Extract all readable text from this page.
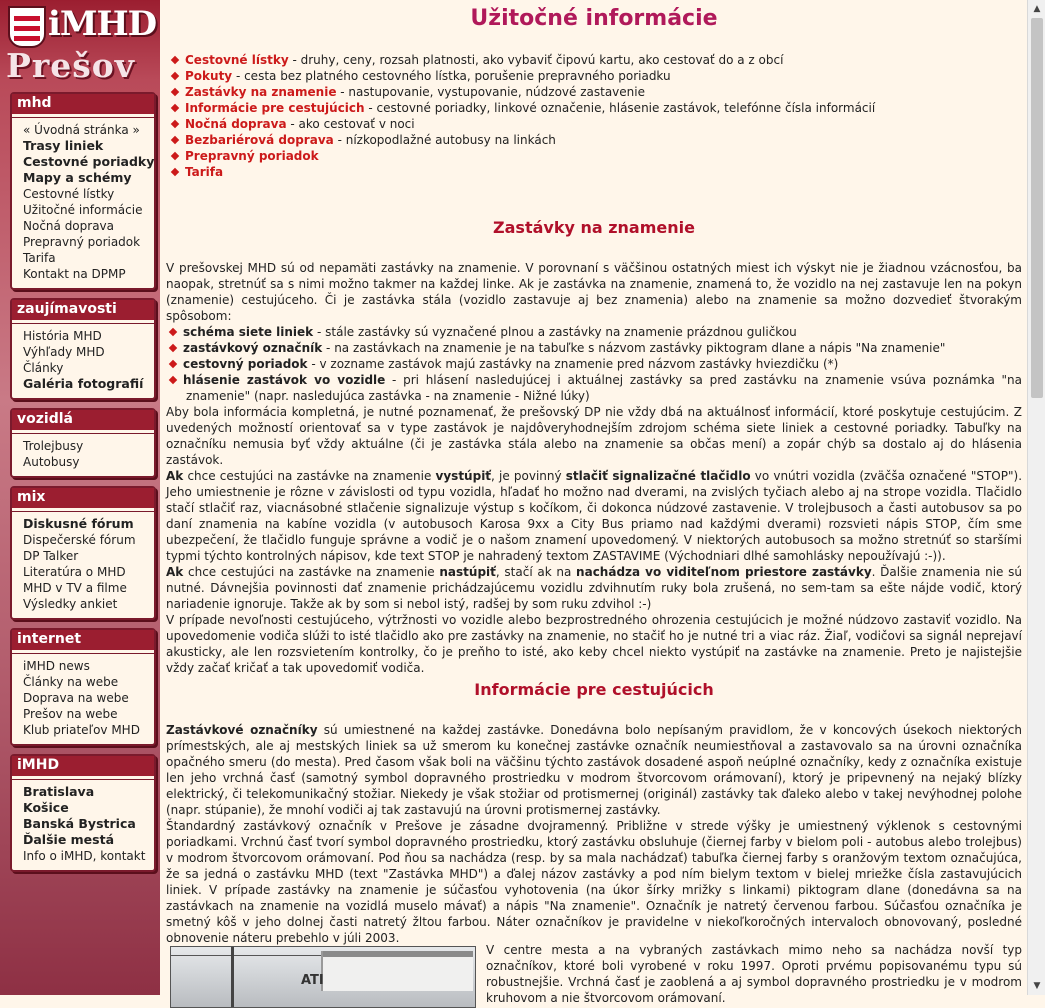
iMHD
Prešov
mhd
« Úvodná stránka »
Trasy liniek
Cestovné poriadky
Mapy a schémy
Cestovné lístky
Užitočné informácie
Nočná doprava
Prepravný poriadok
Tarifa
Kontakt na DPMP
zaujímavosti
História MHD
Výhľady MHD
Články
Galéria fotografií
vozidlá
Trolejbusy
Autobusy
mix
Diskusné fórum
Dispečerské fórum
DP Talker
Literatúra o MHD
MHD v TV a filme
Výsledky ankiet
internet
iMHD news
Články na webe
Doprava na webe
Prešov na webe
Klub priateľov MHD
iMHD
Bratislava
Košice
Banská Bystrica
Ďalšie mestá
Info o iMHD, kontakt
Užitočné informácie
Cestovné lístky - druhy, ceny, rozsah platnosti, ako vybaviť čipovú kartu, ako cestovať do a z obcí
Pokuty - cesta bez platného cestovného lístka, porušenie prepravného poriadku
Zastávky na znamenie - nastupovanie, vystupovanie, núdzové zastavenie
Informácie pre cestujúcich - cestovné poriadky, linkové označenie, hlásenie zastávok, telefónne čísla informácií
Nočná doprava - ako cestovať v noci
Bezbariérová doprava - nízkopodlažné autobusy na linkách
Prepravný poriadok
Tarifa
Zastávky na znamenie

V prešovskej MHD sú od nepamäti zastávky na znamenie. V porovnaní s väčšinou ostatných miest ich výskyt nie je žiadnou vzácnosťou, ba naopak, stretnúť sa s nimi možno takmer na každej linke. Ak je zastávka na znamenie, znamená to, že vozidlo na nej zastavuje len na pokyn (znamenie) cestujúceho. Či je zastávka stála (vozidlo zastavuje aj bez znamenia) alebo na znamenie sa možno dozvedieť štvorakým spôsobom:

schéma siete liniek - stále zastávky sú vyznačené plnou a zastávky na znamenie prázdnou guličkou
zastávkový označník - na zastávkach na znamenie je na tabuľke s názvom zastávky piktogram dlane a nápis "Na znamenie"
cestovný poriadok - v zozname zastávok majú zastávky na znamenie pred názvom zastávky hviezdičku (*)
hlásenie zastávok vo vozidle - pri hlásení nasledujúcej i aktuálnej zastávky sa pred zastávku na znamenie vsúva poznámka "na znamenie" (napr. nasledujúca zastávka - na znamenie - Nižné lúky)

Aby bola informácia kompletná, je nutné poznamenať, že prešovský DP nie vždy dbá na aktuálnosť informácií, ktoré poskytuje cestujúcim. Z uvedených možností orientovať sa v type zastávok je najdôveryhodnejším zdrojom schéma siete liniek a cestovné poriadky. Tabuľky na označníku nemusia byť vždy aktuálne (či je zastávka stála alebo na znamenie sa občas mení) a zopár chýb sa dostalo aj do hlásenia zastávok.

Ak chce cestujúci na zastávke na znamenie vystúpiť, je povinný stlačiť signalizačné tlačidlo vo vnútri vozidla (zväčša označené "STOP"). Jeho umiestnenie je rôzne v závislosti od typu vozidla, hľadať ho možno nad dverami, na zvislých tyčiach alebo aj na strope vozidla. Tlačidlo stačí stlačiť raz, viacnásobné stlačenie signalizuje výstup s kočíkom, či dokonca núdzové zastavenie. V trolejbusoch a časti autobusov sa po daní znamenia na kabíne vozidla (v autobusoch Karosa 9xx a City Bus priamo nad každými dverami) rozsvieti nápis STOP, čím sme ubezpečení, že tlačidlo funguje správne a vodič je o našom znamení upovedomený. V niektorých autobusoch sa možno stretnúť so staršími typmi týchto kontrolných nápisov, kde text STOP je nahradený textom ZASTAVIME (Východniari dlhé samohlásky nepoužívajú :-)).

Ak chce cestujúci na zastávke na znamenie nastúpiť, stačí ak na nachádza vo viditeľnom priestore zastávky. Ďalšie znamenia nie sú nutné. Dávnejšia povinnosti dať znamenie prichádzajúcemu vozidlu zdvihnutím ruky bola zrušená, no sem-tam sa ešte nájde vodič, ktorý nariadenie ignoruje. Takže ak by som si nebol istý, radšej by som ruku zdvihol :-)

V prípade nevoľnosti cestujúceho, výtržnosti vo vozidle alebo bezprostredného ohrozenia cestujúcich je možné núdzovo zastaviť vozidlo. Na upovedomenie vodiča slúži to isté tlačidlo ako pre zastávky na znamenie, no stačiť ho je nutné tri a viac ráz. Žiaľ, vodičovi sa signál neprejaví akusticky, ale len rozsvietením kontrolky, čo je preňho to isté, ako keby chcel niekto vystúpiť na zastávke na znamenie. Preto je najistejšie vždy začať kričať a tak upovedomiť vodiča.

Informácie pre cestujúcich

Zastávkové označníky sú umiestnené na každej zastávke. Donedávna bolo nepísaným pravidlom, že v koncových úsekoch niektorých prímestských, ale aj mestských liniek sa už smerom ku konečnej zastávke označník neumiestňoval a zastavovalo sa na úrovni označníka opačného smeru (do mesta). Pred časom však boli na väčšinu týchto zastávok dosadené aspoň neúplné označníky, kedy z označníka existuje len jeho vrchná časť (samotný symbol dopravného prostriedku v modrom štvorcovom orámovaní), ktorý je pripevnený na nejaký blízky elektrický, či telekomunikačný stožiar. Niekedy je však stožiar od protismernej (originál) zastávky tak ďaleko alebo v takej nevýhodnej polohe (napr. stúpanie), že mnohí vodiči aj tak zastavujú na úrovni protismernej zastávky.

Štandardný zastávkový označník v Prešove je zásadne dvojramenný. Približne v strede výšky je umiestnený výklenok s cestovnými poriadkami. Vrchnú časť tvorí symbol dopravného prostriedku, ktorý zastávku obsluhuje (čiernej farby v bielom poli - autobus alebo trolejbus) v modrom štvorcovom orámovaní. Pod ňou sa nachádza (resp. by sa mala nachádzať) tabuľka čiernej farby s oranžovým textom označujúca, že sa jedná o zastávku MHD (text "Zastávka MHD") a ďalej názov zastávky a pod ním bielym textom v bielej mriežke čísla zastavujúcich liniek. V prípade zastávky na znamenie je súčasťou vyhotovenia (na úkor šírky mrižky s linkami) piktogram dlane (donedávna sa na zastávkach na znamenie na vozidlá muselo mávať) a nápis "Na znamenie". Označník je natretý červenou farbou. Súčasťou označníka je smetný kôš v jeho dolnej časti natretý žltou farbou. Náter označníkov je pravidelne v niekoľkoročných intervaloch obnovovaný, posledné obnovenie náteru prebehlo v júli 2003.

ATI
V centre mesta a na vybraných zastávkach mimo neho sa nachádza novší typ označníkov, ktoré boli vyrobené v roku 1997. Oproti prvému popisovanému typu sú robustnejšie. Vrchná časť je zaoblená a aj symbol dopravného prostriedku je v modrom kruhovom a nie štvorcovom orámovaní.
▲
▼
